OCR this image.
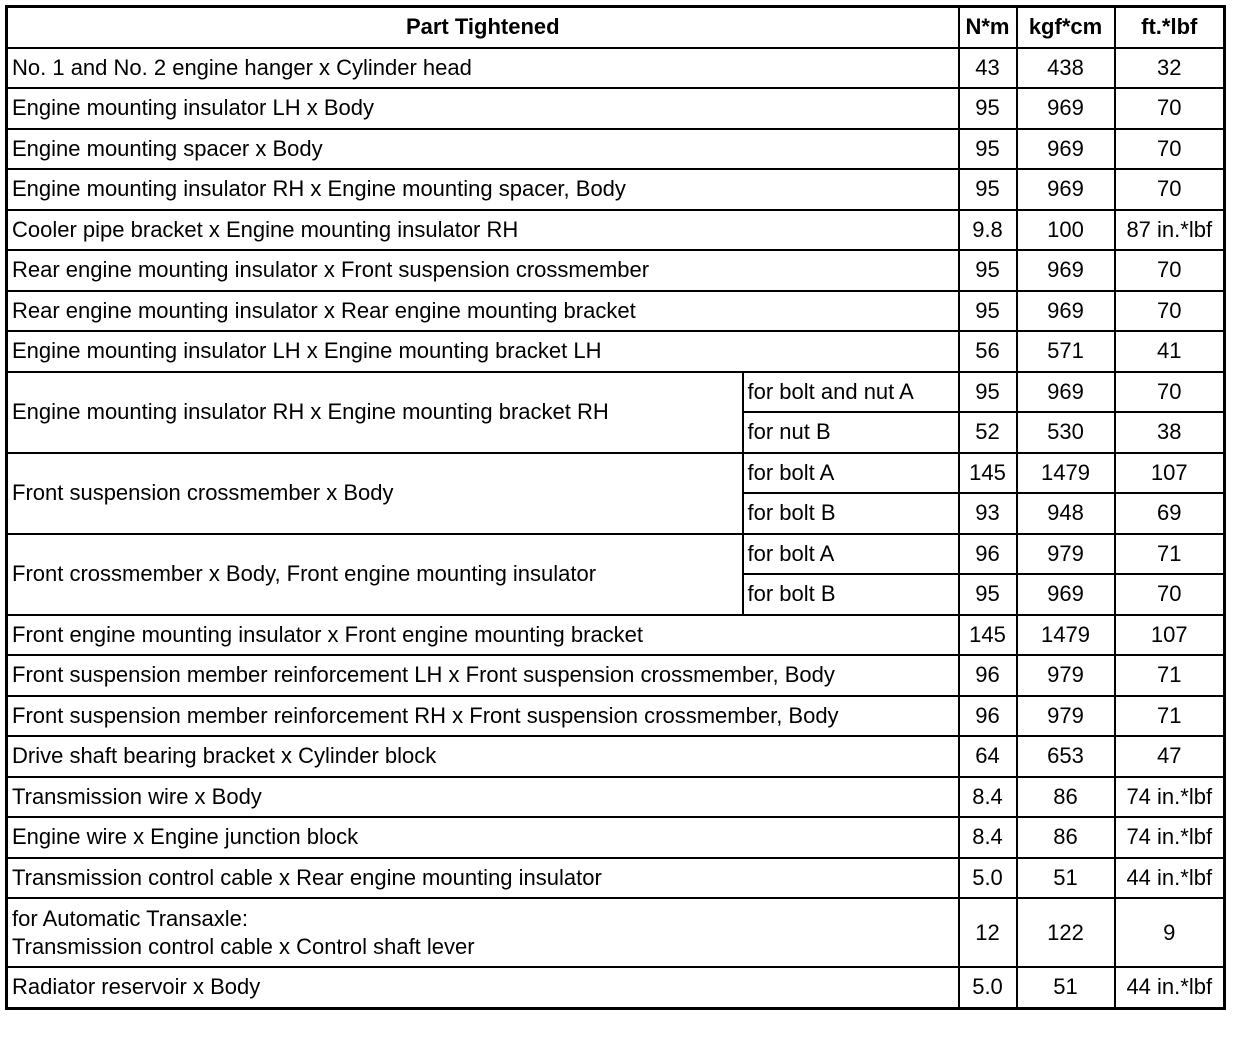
Part Tightened		N*m	kgf*cm	ft.*lbf
No. 1 and No. 2 engine hanger x Cylinder head		43	438	32
Engine mounting insulator LH x Body		95	969	70
Engine mounting spacer x Body		95	969	70
Engine mounting insulator RH x Engine mounting spacer, Body		95	969	70
Cooler pipe bracket x Engine mounting insulator RH		9.8	100	87 in.*lbf
Rear engine mounting insulator x Front suspension crossmember		95	969	70
Rear engine mounting insulator x Rear engine mounting bracket		95	969	70
Engine mounting insulator LH x Engine mounting bracket LH		56	571	41
Engine mounting insulator RH x Engine mounting bracket RH	for bolt and nut A	95	969	70
	for nut B	52	530	38
Front suspension crossmember x Body	for bolt A	145	1479	107
	for bolt B	93	948	69
Front crossmember x Body, Front engine mounting insulator	for bolt A	96	979	71
	for bolt B	95	969	70
Front engine mounting insulator x Front engine mounting bracket		145	1479	107
Front suspension member reinforcement LH x Front suspension crossmember, Body		96	979	71
Front suspension member reinforcement RH x Front suspension crossmember, Body		96	979	71
Drive shaft bearing bracket x Cylinder block		64	653	47
Transmission wire x Body		8.4	86	74 in.*lbf
Engine wire x Engine junction block		8.4	86	74 in.*lbf
Transmission control cable x Rear engine mounting insulator		5.0	51	44 in.*lbf

for Automatic Transaxle:
Transmission control cable x Control shaft lever		12	122	9
Radiator reservoir x Body		5.0	51	44 in.*lbf
